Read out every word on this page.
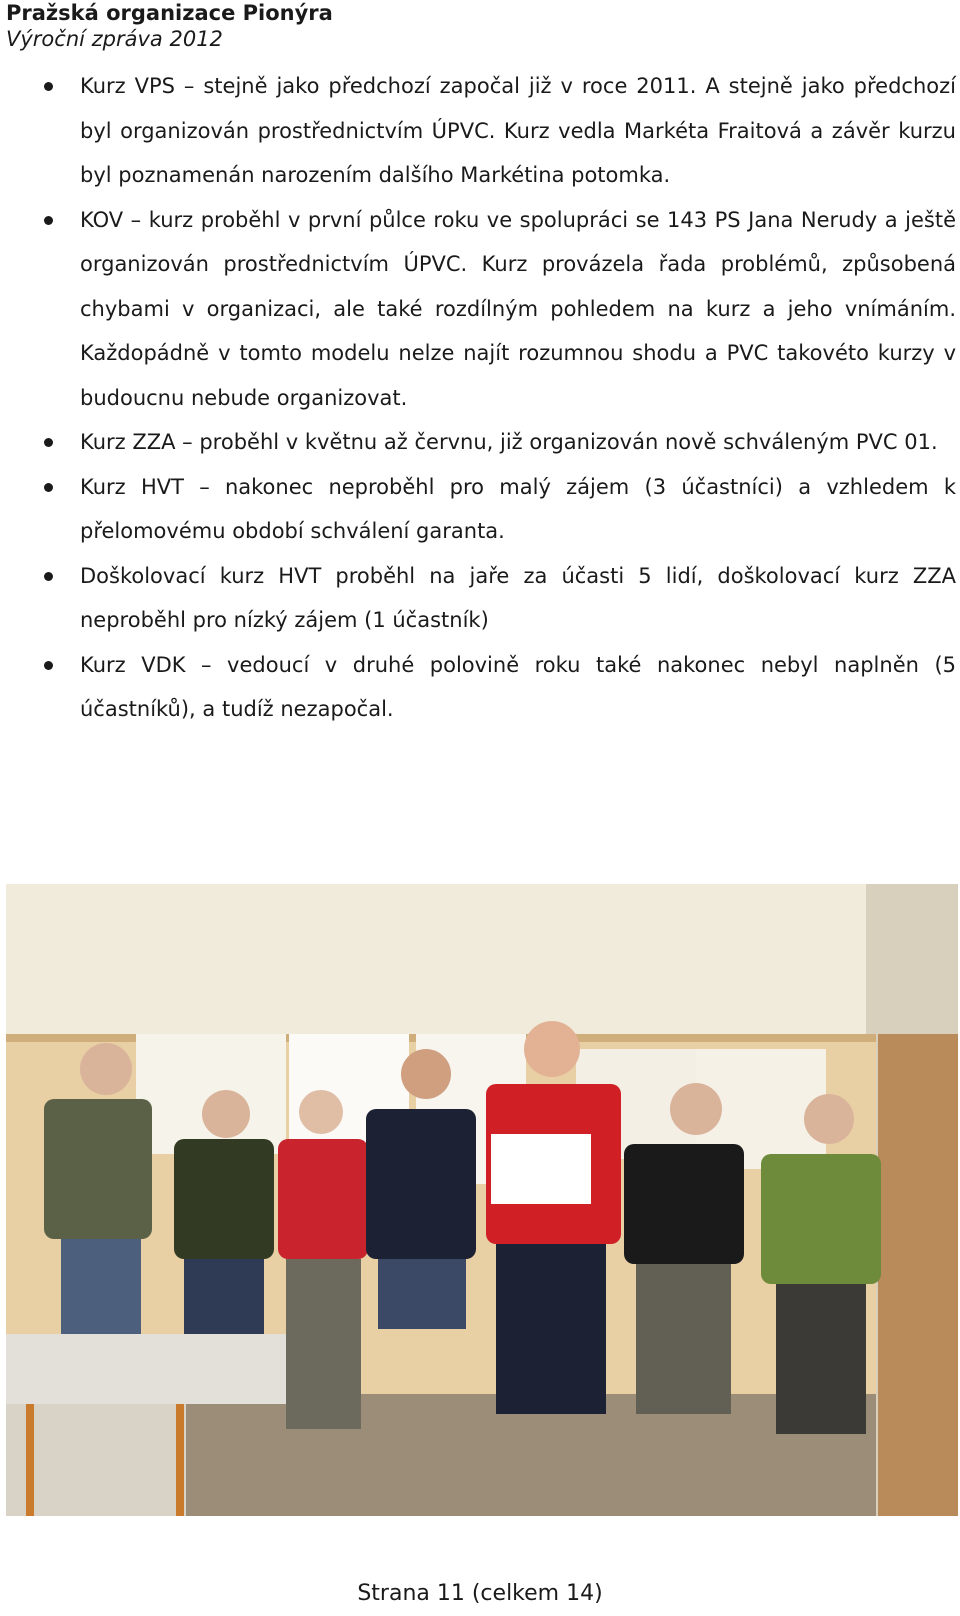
Pražská organizace Pionýra
Výroční zpráva 2012
Kurz VPS – stejně jako předchozí započal již v roce 2011. A stejně jako předchozí byl organizován prostřednictvím ÚPVC. Kurz vedla Markéta Fraitová a závěr kurzu byl poznamenán narozením dalšího Markétina potomka.
KOV – kurz proběhl v první půlce roku ve spolupráci se 143 PS Jana Nerudy a ještě organizován prostřednictvím ÚPVC. Kurz provázela řada problémů, způsobená chybami v organizaci, ale také rozdílným pohledem na kurz a jeho vnímáním. Každopádně v tomto modelu nelze najít rozumnou shodu a PVC takovéto kurzy v budoucnu nebude organizovat.
Kurz ZZA – proběhl v květnu až červnu, již organizován nově schváleným PVC 01.
Kurz HVT – nakonec neproběhl pro malý zájem (3 účastníci) a vzhledem k přelomovému období schválení garanta.
Doškolovací kurz HVT proběhl na jaře za účasti 5 lidí, doškolovací kurz ZZA neproběhl pro nízký zájem (1 účastník)
Kurz VDK – vedoucí v druhé polovině roku také nakonec nebyl naplněn (5 účastníků), a tudíž nezapočal.
Strana 11 (celkem 14)
